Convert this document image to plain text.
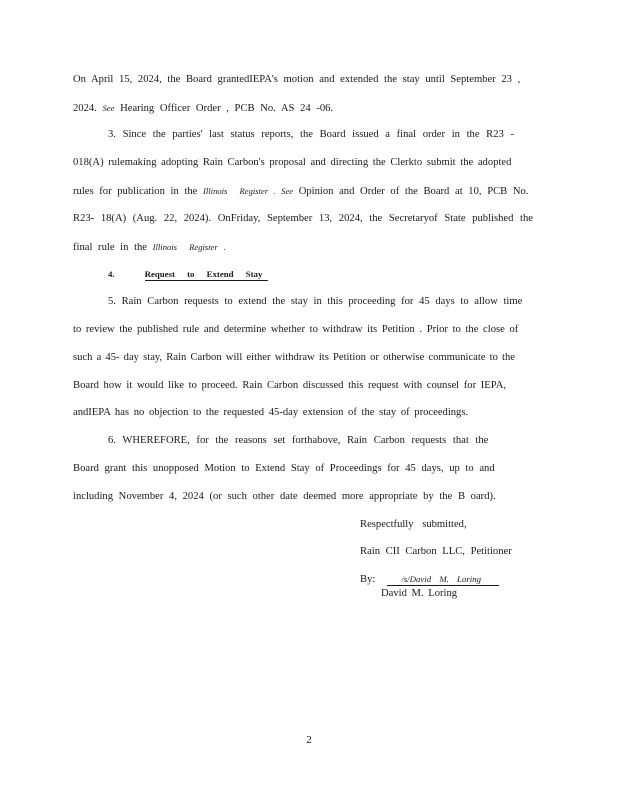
On April 15, 2024, the Board grantedIEPA's motion and extended the stay until September 23 ,
2024. See Hearing Officer Order , PCB No. AS 24 -06.
3. Since the parties' last status reports, the Board issued a final order in the R23 -
018(A) rulemaking adopting Rain Carbon's proposal and directing the Clerkto submit the adopted
rules for publication in the Illinois Register . See Opinion and Order of the Board at 10, PCB No.
R23- 18(A) (Aug. 22, 2024). OnFriday, September 13, 2024, the Secretaryof State published the
final rule in the Illinois Register .
4.	Request to Extend Stay
5. Rain Carbon requests to extend the stay in this proceeding for 45 days to allow time
to review the published rule and determine whether to withdraw its Petition . Prior to the close of
such a 45- day stay, Rain Carbon will either withdraw its Petition or otherwise communicate to the
Board how it would like to proceed. Rain Carbon discussed this request with counsel for IEPA,
andIEPA has no objection to the requested 45-day extension of the stay of proceedings.
6. WHEREFORE, for the reasons set forthabove, Rain Carbon requests that the
Board grant this unopposed Motion to Extend Stay of Proceedings for 45 days, up to and
including November 4, 2024 (or such other date deemed more appropriate by the B oard).
Respectfully submitted,
Rain CII Carbon LLC, Petitioner
By:	/s/David M. Loring
David M. Loring
2
